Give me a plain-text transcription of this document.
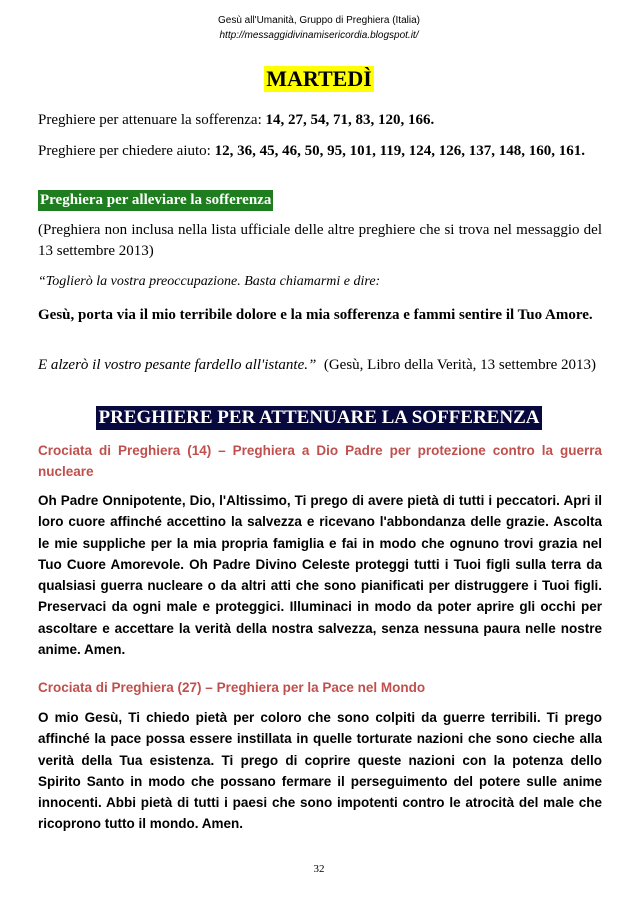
Gesù all'Umanità, Gruppo di Preghiera (Italia)
http://messaggidivinamisericordia.blogspot.it/
MARTEDÌ
Preghiere per attenuare la sofferenza: 14, 27, 54, 71, 83, 120, 166.
Preghiere per chiedere aiuto: 12, 36, 45, 46, 50, 95, 101, 119, 124, 126, 137, 148, 160, 161.
Preghiera per alleviare la sofferenza
(Preghiera non inclusa nella lista ufficiale delle altre preghiere che si trova nel messaggio del 13 settembre 2013)
“Toglierò la vostra preoccupazione. Basta chiamarmi e dire:
Gesù, porta via il mio terribile dolore e la mia sofferenza e fammi sentire il Tuo Amore.
E alzerò il vostro pesante fardello all'istante.” (Gesù, Libro della Verità, 13 settembre 2013)
PREGHIERE PER ATTENUARE LA SOFFERENZA
Crociata di Preghiera (14) – Preghiera a Dio Padre per protezione contro la guerra nucleare
Oh Padre Onnipotente, Dio, l'Altissimo, Ti prego di avere pietà di tutti i peccatori. Apri il loro cuore affinché accettino la salvezza e ricevano l'abbondanza delle grazie. Ascolta le mie suppliche per la mia propria famiglia e fai in modo che ognuno trovi grazia nel Tuo Cuore Amorevole. Oh Padre Divino Celeste proteggi tutti i Tuoi figli sulla terra da qualsiasi guerra nucleare o da altri atti che sono pianificati per distruggere i Tuoi figli. Preservaci da ogni male e proteggici. Illuminaci in modo da poter aprire gli occhi per ascoltare e accettare la verità della nostra salvezza, senza nessuna paura nelle nostre anime. Amen.
Crociata di Preghiera (27) – Preghiera per la Pace nel Mondo
O mio Gesù, Ti chiedo pietà per coloro che sono colpiti da guerre terribili. Ti prego affinché la pace possa essere instillata in quelle torturate nazioni che sono cieche alla verità della Tua esistenza. Ti prego di coprire queste nazioni con la potenza dello Spirito Santo in modo che possano fermare il perseguimento del potere sulle anime innocenti. Abbi pietà di tutti i paesi che sono impotenti contro le atrocità del male che ricoprono tutto il mondo. Amen.
32
